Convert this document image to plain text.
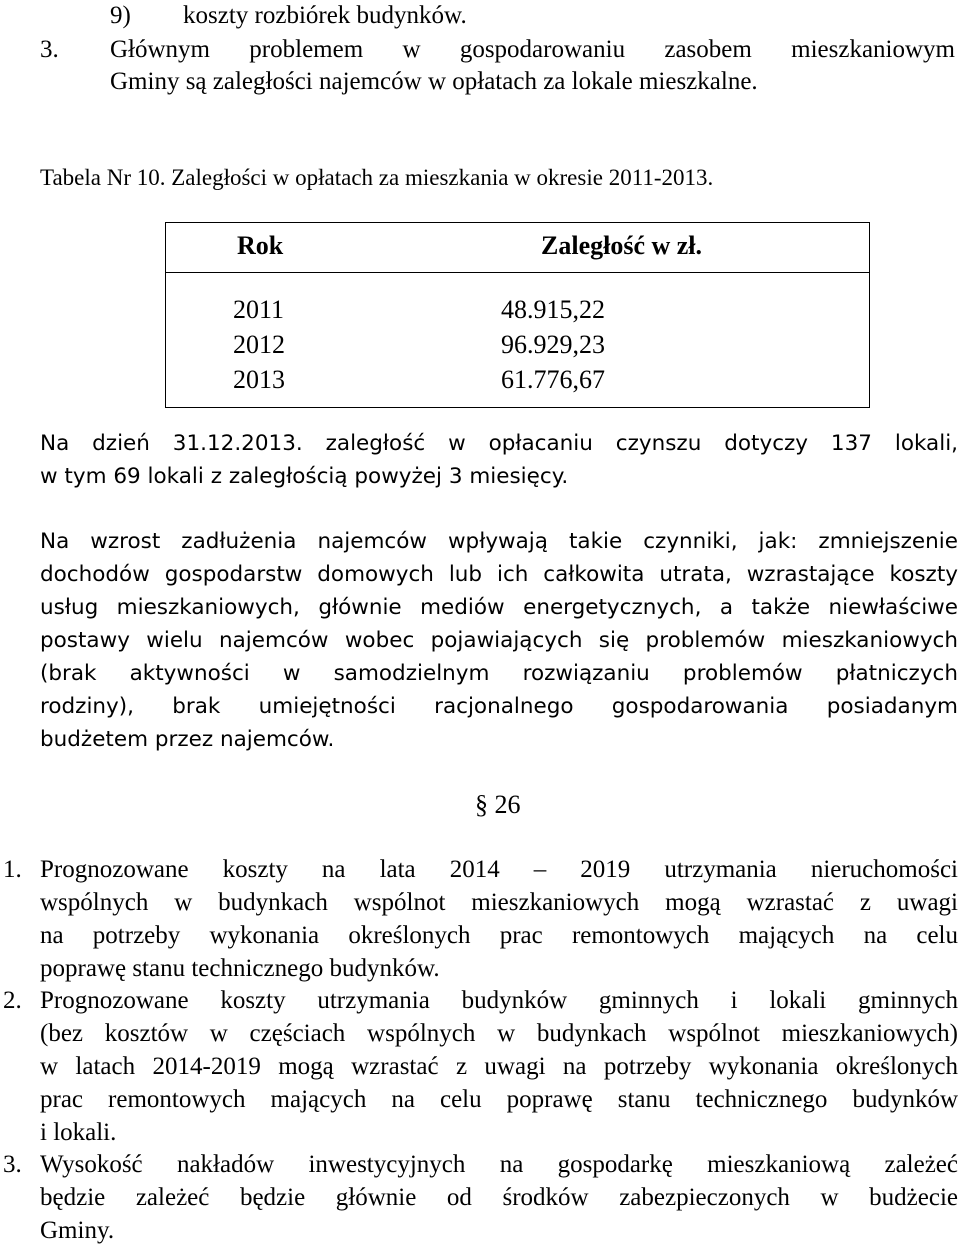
9) koszty rozbiórek budynków.
3. Głównym problemem w gospodarowaniu zasobem mieszkaniowym
Gminy są zaległości najemców w opłatach za lokale mieszkalne.
Tabela Nr 10. Zaległości w opłatach za mieszkania w okresie 2011-2013.
Rok	Zaległość w zł.
2011	48.915,22
2012	96.929,23
2013	61.776,67
Na dzień 31.12.2013. zaległość w opłacaniu czynszu dotyczy 137 lokali,
w tym 69 lokali z zaległością powyżej 3 miesięcy.
Na wzrost zadłużenia najemców wpływają takie czynniki, jak: zmniejszenie
dochodów gospodarstw domowych lub ich całkowita utrata, wzrastające koszty
usług mieszkaniowych, głównie mediów energetycznych, a także niewłaściwe
postawy wielu najemców wobec pojawiających się problemów mieszkaniowych
(brak aktywności w samodzielnym rozwiązaniu problemów płatniczych
rodziny), brak umiejętności racjonalnego gospodarowania posiadanym
budżetem przez najemców.
§ 26
1. Prognozowane koszty na lata 2014 – 2019 utrzymania nieruchomości
wspólnych w budynkach wspólnot mieszkaniowych mogą wzrastać z uwagi
na potrzeby wykonania określonych prac remontowych mających na celu
poprawę stanu technicznego budynków.
2. Prognozowane koszty utrzymania budynków gminnych i lokali gminnych
(bez kosztów w częściach wspólnych w budynkach wspólnot mieszkaniowych)
w latach 2014-2019 mogą wzrastać z uwagi na potrzeby wykonania określonych
prac remontowych mających na celu poprawę stanu technicznego budynków
i lokali.
3. Wysokość nakładów inwestycyjnych na gospodarkę mieszkaniową zależeć
będzie zależeć będzie głównie od środków zabezpieczonych w budżecie
Gminy.
